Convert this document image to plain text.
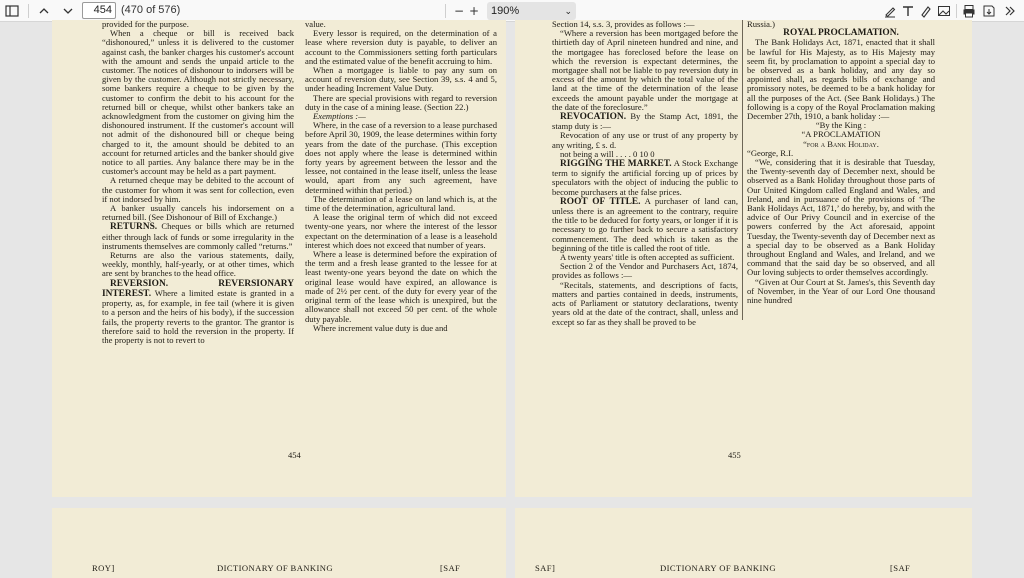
454 (470 of 576)	− +	190%	⌄

provided for the purpose.

When a cheque or bill is received back “dishonoured,” unless it is delivered to the customer against cash, the banker charges his customer's account with the amount and sends the unpaid article to the customer. The notices of dishonour to indorsers will be given by the customer. Although not strictly necessary, some bankers require a cheque to be given by the customer to confirm the debit to his account for the returned bill or cheque, whilst other bankers take an acknowledgment from the customer on giving him the dishonoured instrument. If the customer's account will not admit of the dishonoured bill or cheque being charged to it, the amount should be debited to an account for returned articles and the banker should give notice to all parties. Any balance there may be in the customer's account may be held as a part payment.

A returned cheque may be debited to the account of the customer for whom it was sent for collection, even if not indorsed by him.

A banker usually cancels his indorsement on a returned bill. (See Dishonour of Bill of Exchange.)

RETURNS. Cheques or bills which are returned either through lack of funds or some irregularity in the instruments themselves are commonly called “returns.”

Returns are also the various statements, daily, weekly, monthly, half-yearly, or at other times, which are sent by branches to the head office.

REVERSION. REVERSIONARY INTEREST. Where a limited estate is granted in a property, as, for example, in fee tail (where it is given to a person and the heirs of his body), if the succession fails, the property reverts to the grantor. The grantor is therefore said to hold the reversion in the property. If the property is not to revert to

value.

Every lessor is required, on the determination of a lease where reversion duty is payable, to deliver an account to the Commissioners setting forth particulars and the estimated value of the benefit accruing to him.

When a mortgagee is liable to pay any sum on account of reversion duty, see Section 39, s.s. 4 and 5, under heading Increment Value Duty.

There are special provisions with regard to reversion duty in the case of a mining lease. (Section 22.)

Exemptions :—

Where, in the case of a reversion to a lease purchased before April 30, 1909, the lease determines within forty years from the date of the purchase. (This exception does not apply where the lease is determined within forty years by agreement between the lessor and the lessee, not contained in the lease itself, unless the lease would, apart from any such agreement, have determined within that period.)

The determination of a lease on land which is, at the time of the determination, agricultural land.

A lease the original term of which did not exceed twenty-one years, nor where the interest of the lessor expectant on the determination of a lease is a leasehold interest which does not exceed that number of years.

Where a lease is determined before the expiration of the term and a fresh lease granted to the lessee for at least twenty-one years beyond the date on which the original lease would have expired, an allowance is made of 2½ per cent. of the duty for every year of the original term of the lease which is unexpired, but the allowance shall not exceed 50 per cent. of the whole duty payable.

Where increment value duty is due and

454

Section 14, s.s. 3, provides as follows :—

“Where a reversion has been mortgaged before the thirtieth day of April nineteen hundred and nine, and the mortgagee has foreclosed before the lease on which the reversion is expectant determines, the mortgagee shall not be liable to pay reversion duty in excess of the amount by which the total value of the land at the time of the determination of the lease exceeds the amount payable under the mortgage at the date of the foreclosure.”

REVOCATION. By the Stamp Act, 1891, the stamp duty is :—

Revocation of any use or trust of any property by any writing, £ s. d.

not being a will . . . . 0 10 0

RIGGING THE MARKET. A Stock Exchange term to signify the artificial forcing up of prices by speculators with the object of inducing the public to become purchasers at the false prices.

ROOT OF TITLE. A purchaser of land can, unless there is an agreement to the contrary, require the title to be deduced for forty years, or longer if it is necessary to go further back to secure a satisfactory commencement. The deed which is taken as the beginning of the title is called the root of title.

A twenty years' title is often accepted as sufficient.

Section 2 of the Vendor and Purchasers Act, 1874, provides as follows :—

“Recitals, statements, and descriptions of facts, matters and parties contained in deeds, instruments, acts of Parliament or statutory declarations, twenty years old at the date of the contract, shall, unless and except so far as they shall be proved to be

Russia.)

ROYAL PROCLAMATION.

The Bank Holidays Act, 1871, enacted that it shall be lawful for His Majesty, as to His Majesty may seem fit, by proclamation to appoint a special day to be observed as a bank holiday, and any day so appointed shall, as regards bills of exchange and promissory notes, be deemed to be a bank holiday for all the purposes of the Act. (See Bank Holidays.) The following is a copy of the Royal Proclamation making December 27th, 1910, a bank holiday :—

“By the King :

“A PROCLAMATION

“for a Bank Holiday.

“George, R.I.

“We, considering that it is desirable that Tuesday, the Twenty-seventh day of December next, should be observed as a Bank Holiday throughout those parts of Our United Kingdom called England and Wales, and Ireland, and in pursuance of the provisions of ‘The Bank Holidays Act, 1871,’ do hereby, by, and with the advice of Our Privy Council and in exercise of the powers conferred by the Act aforesaid, appoint Tuesday, the Twenty-seventh day of December next as a special day to be observed as a Bank Holiday throughout England and Wales, and Ireland, and we command that the said day be so observed, and all Our loving subjects to order themselves accordingly.

“Given at Our Court at St. James's, this Seventh day of November, in the Year of our Lord One thousand nine hundred

455
ROY]	DICTIONARY OF BANKING	[SAF	SAF]	DICTIONARY OF BANKING	[SAF
